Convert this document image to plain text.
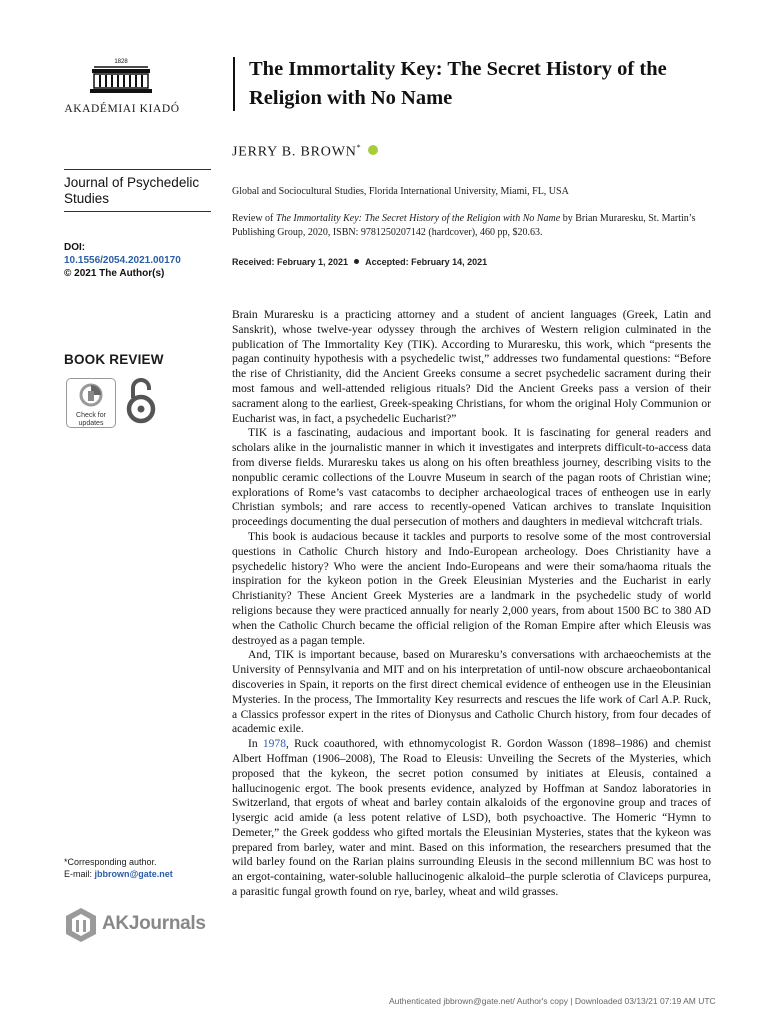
1828
AKADÉMIAI KIADÓ
Journal of Psychedelic Studies
DOI:
10.1556/2054.2021.00170
© 2021 The Author(s)
BOOK REVIEW
Check for
updates
*Corresponding author.
E-mail: jbbrown@gate.net
AKJournals
The Immortality Key: The Secret History of the Religion with No Name
JERRY B. BROWN*
Global and Sociocultural Studies, Florida International University, Miami, FL, USA
Review of The Immortality Key: The Secret History of the Religion with No Name by Brian Muraresku, St. Martin’s Publishing Group, 2020, ISBN: 9781250207142 (hardcover), 460 pp, $20.63.
Received: February 1, 2021 Accepted: February 14, 2021

Brain Muraresku is a practicing attorney and a student of ancient languages (Greek, Latin and Sanskrit), whose twelve-year odyssey through the archives of Western religion culminated in the publication of The Immortality Key (TIK). According to Muraresku, this work, which “presents the pagan continuity hypothesis with a psychedelic twist,” addresses two fundamental questions: “Before the rise of Christianity, did the Ancient Greeks consume a secret psychedelic sacrament during their most famous and well-attended religious rituals? Did the Ancient Greeks pass a version of their sacrament along to the earliest, Greek-speaking Christians, for whom the original Holy Communion or Eucharist was, in fact, a psychedelic Eucharist?”

TIK is a fascinating, audacious and important book. It is fascinating for general readers and scholars alike in the journalistic manner in which it investigates and interprets difficult-to-access data from diverse fields. Muraresku takes us along on his often breathless journey, describing visits to the nonpublic ceramic collections of the Louvre Museum in search of the pagan roots of Christian wine; explorations of Rome’s vast catacombs to decipher archaeological traces of entheogen use in early Christian symbols; and rare access to recently-opened Vatican archives to translate Inquisition proceedings documenting the dual persecution of mothers and daughters in medieval witchcraft trials.

This book is audacious because it tackles and purports to resolve some of the most controversial questions in Catholic Church history and Indo-European archeology. Does Christianity have a psychedelic history? Who were the ancient Indo-Europeans and were their soma/haoma rituals the inspiration for the kykeon potion in the Greek Eleusinian Mysteries and the Eucharist in early Christianity? These Ancient Greek Mysteries are a landmark in the psychedelic study of world religions because they were practiced annually for nearly 2,000 years, from about 1500 BC to 380 AD when the Catholic Church became the official religion of the Roman Empire after which Eleusis was destroyed as a pagan temple.

And, TIK is important because, based on Muraresku’s conversations with archaeochemists at the University of Pennsylvania and MIT and on his interpretation of until-now obscure archaeobontanical discoveries in Spain, it reports on the first direct chemical evidence of entheogen use in the Eleusinian Mysteries. In the process, The Immortality Key resurrects and rescues the life work of Carl A.P. Ruck, a Classics professor expert in the rites of Dionysus and Catholic Church history, from four decades of academic exile.

In 1978, Ruck coauthored, with ethnomycologist R. Gordon Wasson (1898–1986) and chemist Albert Hoffman (1906–2008), The Road to Eleusis: Unveiling the Secrets of the Mysteries, which proposed that the kykeon, the secret potion consumed by initiates at Eleusis, contained a hallucinogenic ergot. The book presents evidence, analyzed by Hoffman at Sandoz laboratories in Switzerland, that ergots of wheat and barley contain alkaloids of the ergonovine group and traces of lysergic acid amide (a less potent relative of LSD), both psychoactive. The Homeric “Hymn to Demeter,” the Greek goddess who gifted mortals the Eleusinian Mysteries, states that the kykeon was prepared from barley, water and mint. Based on this information, the researchers presumed that the wild barley found on the Rarian plains surrounding Eleusis in the second millennium BC was host to an ergot-containing, water-soluble hallucinogenic alkaloid–the purple sclerotia of Claviceps purpurea, a parasitic fungal growth found on rye, barley, wheat and wild grasses.

Authenticated jbbrown@gate.net/ Author's copy | Downloaded 03/13/21 07:19 AM UTC
